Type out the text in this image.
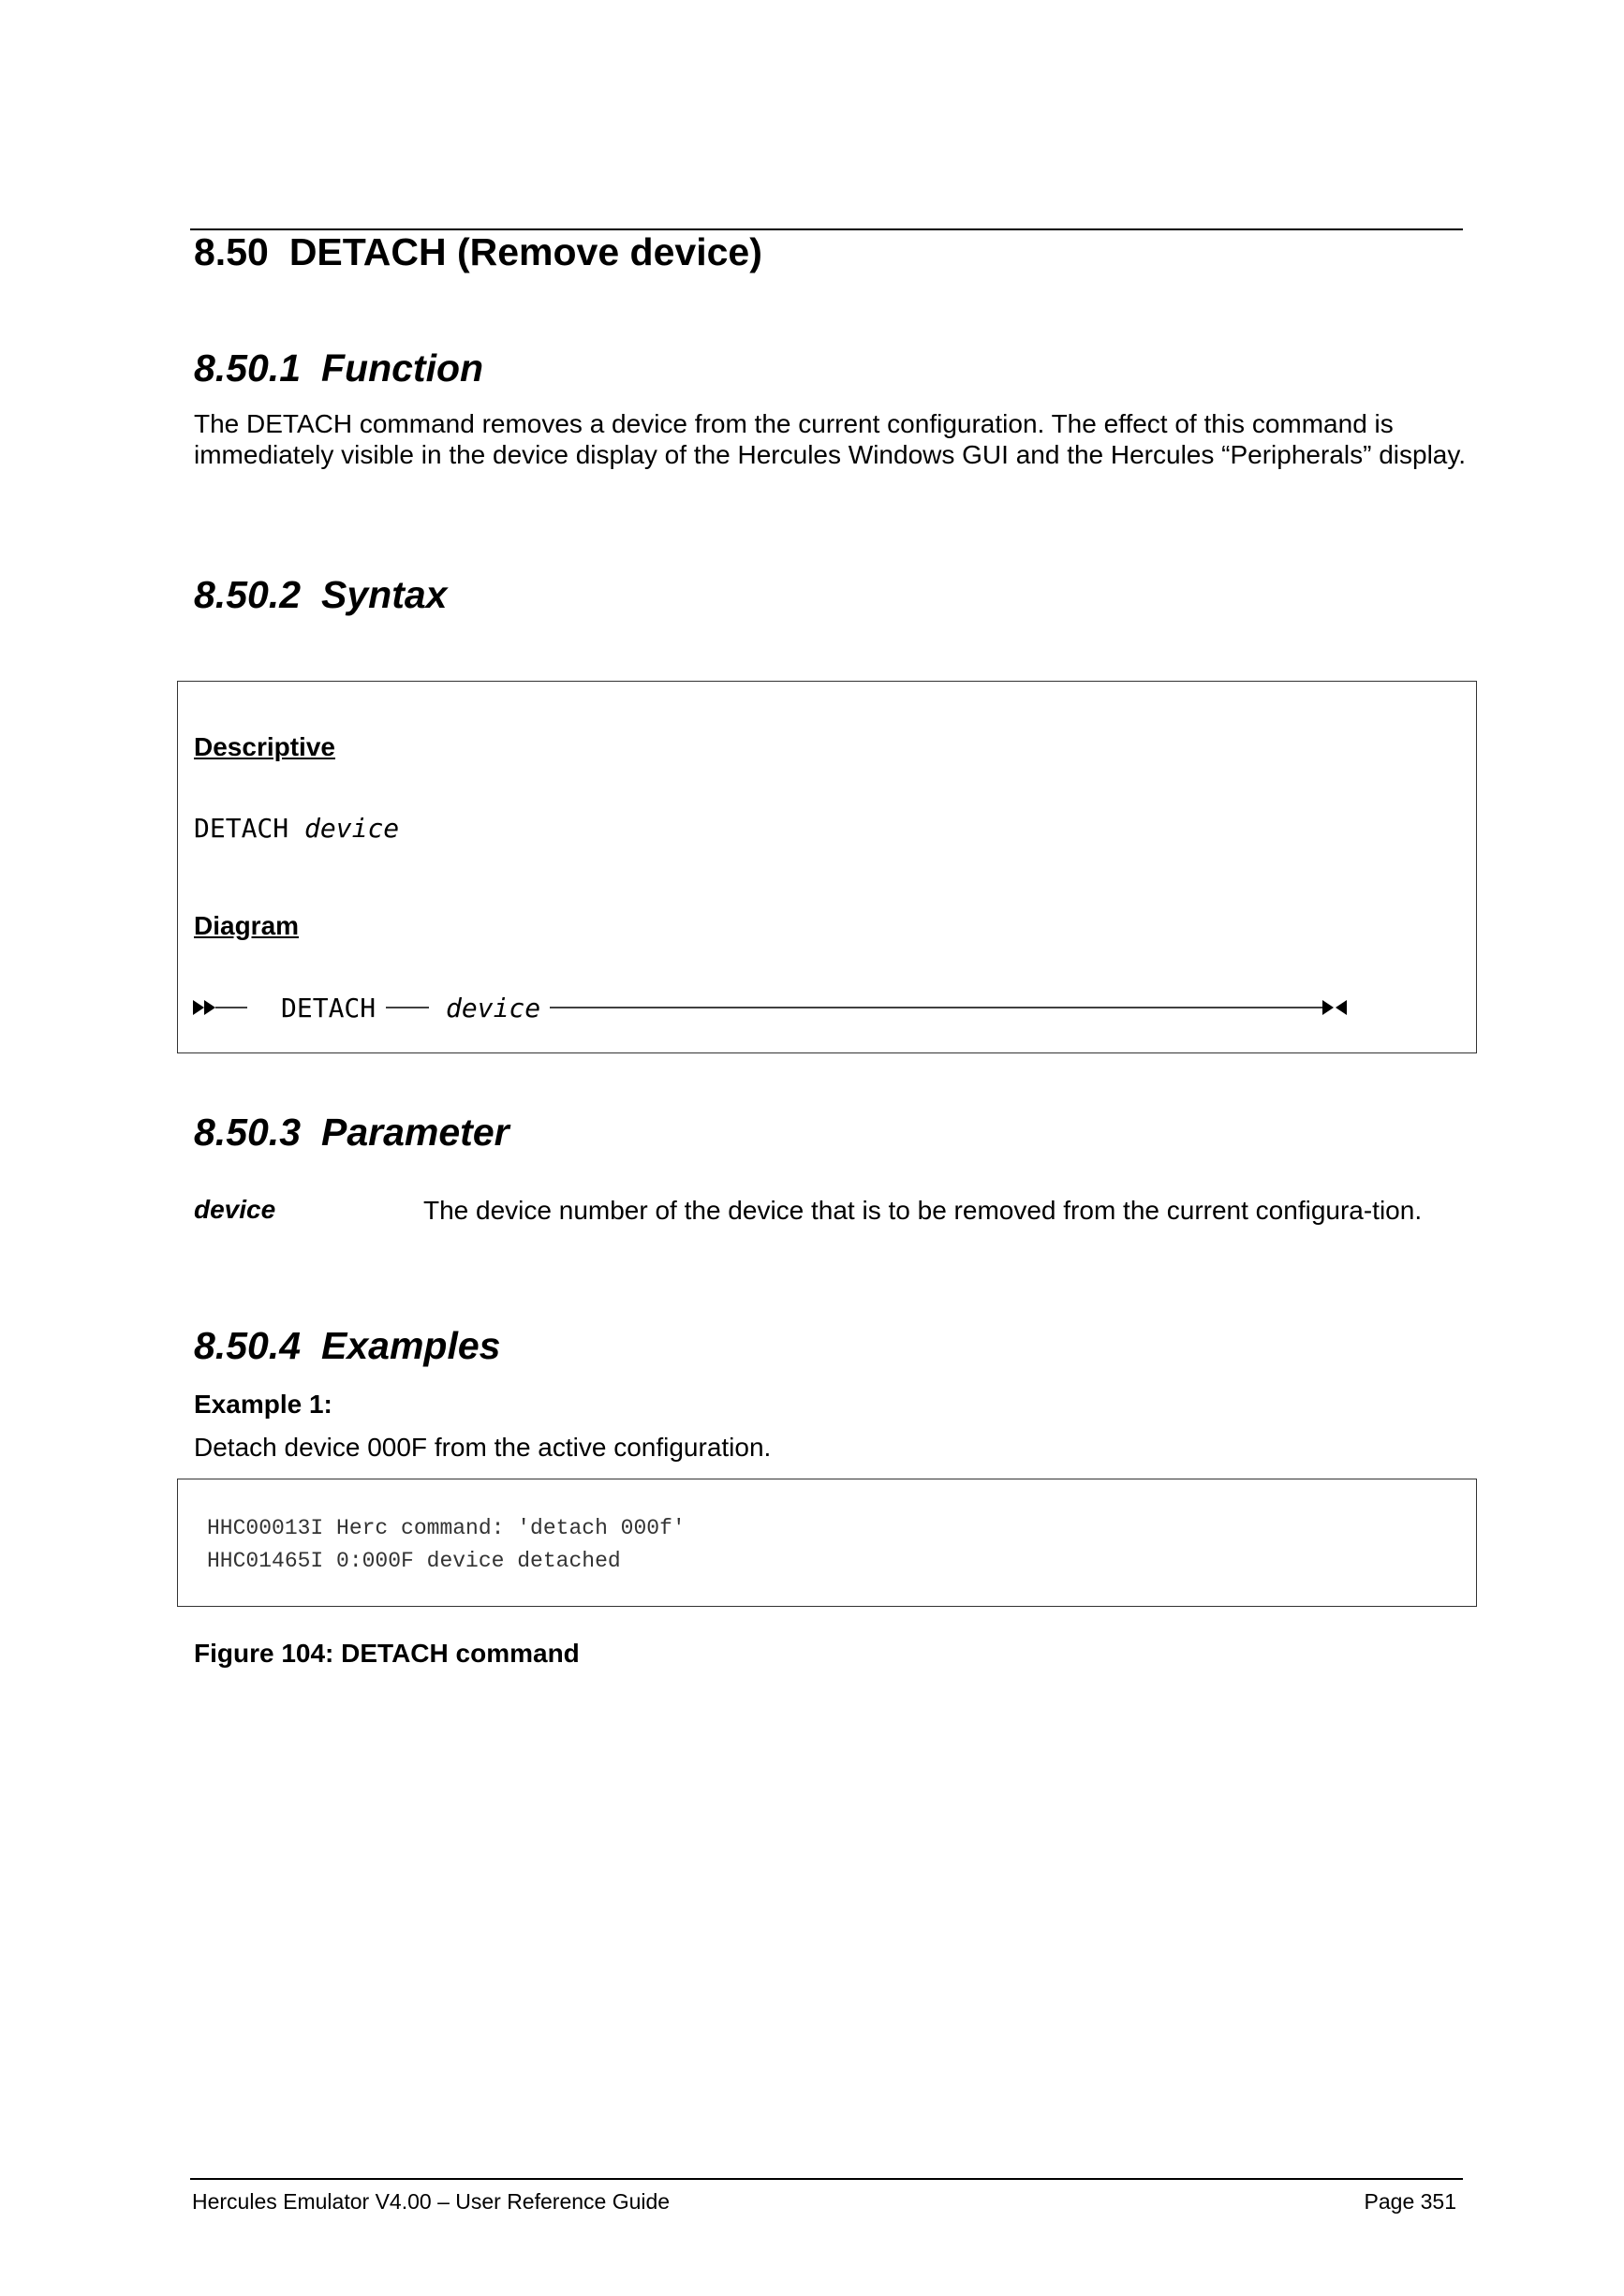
8.50 DETACH (Remove device)
8.50.1 Function
The DETACH command removes a device from the current configuration. The effect of this command is immediately visible in the device display of the Hercules Windows GUI and the Hercules “Peripherals” display.
8.50.2 Syntax
Descriptive
DETACH device
Diagram
DETACH	device
8.50.3 Parameter
device	The device number of the device that is to be removed from the current configura-tion.
8.50.4 Examples
Example 1:
Detach device 000F from the active configuration.
HHC00013I Herc command: 'detach 000f'
HHC01465I 0:000F device detached
Figure 104: DETACH command
Hercules Emulator V4.00 – User Reference Guide	Page 351
